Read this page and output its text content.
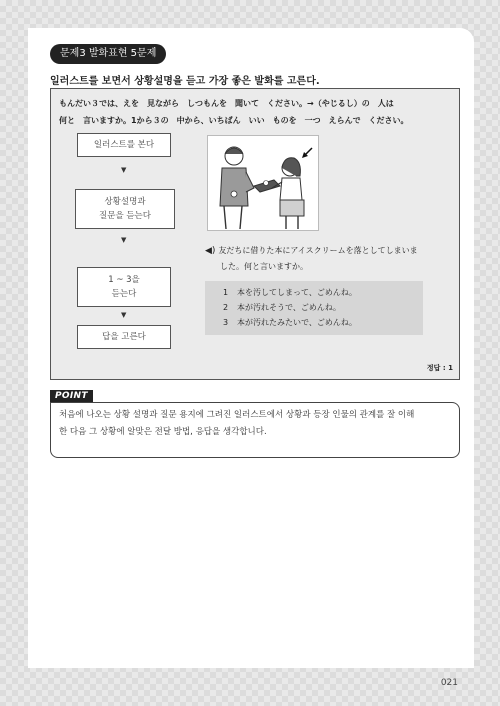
문제3 발화표현 5문제
일러스트를 보면서 상황설명을 듣고 가장 좋은 발화를 고른다.
もんだい３では、えを　見ながら　しつもんを　聞いて　ください。→（やじるし）の　人は
何と　言いますか。1から３の　中から、いちばん　いい　ものを　一つ　えらんで　ください。
일러스트를 본다
▼
상황설명과
질문을 듣는다
▼
1 ~ 3을
듣는다
▼
답을 고른다
◀) 友だちに借りた本にアイスクリームを落としてしまいま
した。何と言いますか。
1 本を汚してしまって、ごめんね。
2 本が汚れそうで、ごめんね。
3 本が汚れたみたいで、ごめんね。
정답 : 1
POINT
처음에 나오는 상황 설명과 질문 용지에 그려진 일러스트에서 상황과 등장 인물의 관계를 잘 이해
한 다음 그 상황에 알맞은 전달 방법, 응답을 생각합니다.
021
